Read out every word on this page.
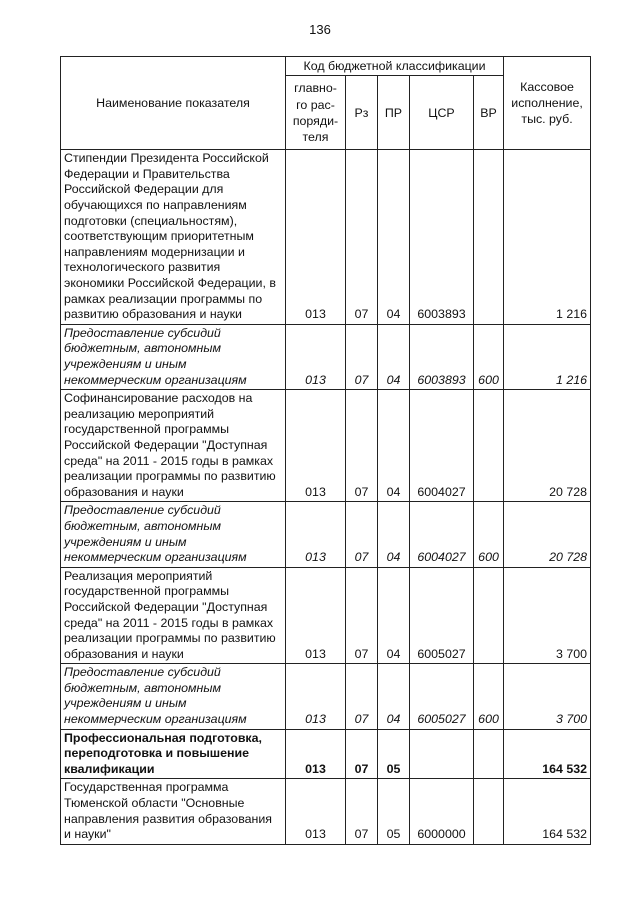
136
Наименование показателя	Код бюджетной классификации					Кассовое исполнение, тыс. руб.
	главно-го рас-поряди-теля	Рз	ПР	ЦСР	ВР	
Стипендии Президента Российской Федерации и Правительства Российской Федерации для обучающихся по направлениям подготовки (специальностям), соответствующим приоритетным направлениям модернизации и технологического развития экономики Российской Федерации, в рамках реализации программы по развитию образования и науки	013	07	04	6003893		1 216
Предоставление субсидий бюджетным, автономным учреждениям и иным некоммерческим организациям	013	07	04	6003893	600	1 216
Софинансирование расходов на реализацию мероприятий государственной программы Российской Федерации "Доступная среда" на 2011 - 2015 годы в рамках реализации программы по развитию образования и науки	013	07	04	6004027		20 728
Предоставление субсидий бюджетным, автономным учреждениям и иным некоммерческим организациям	013	07	04	6004027	600	20 728
Реализация мероприятий государственной программы Российской Федерации "Доступная среда" на 2011 - 2015 годы в рамках реализации программы по развитию образования и науки	013	07	04	6005027		3 700
Предоставление субсидий бюджетным, автономным учреждениям и иным некоммерческим организациям	013	07	04	6005027	600	3 700
Профессиональная подготовка, переподготовка и повышение квалификации	013	07	05			164 532
Государственная программа Тюменской области "Основные направления развития образования и науки"	013	07	05	6000000		164 532
